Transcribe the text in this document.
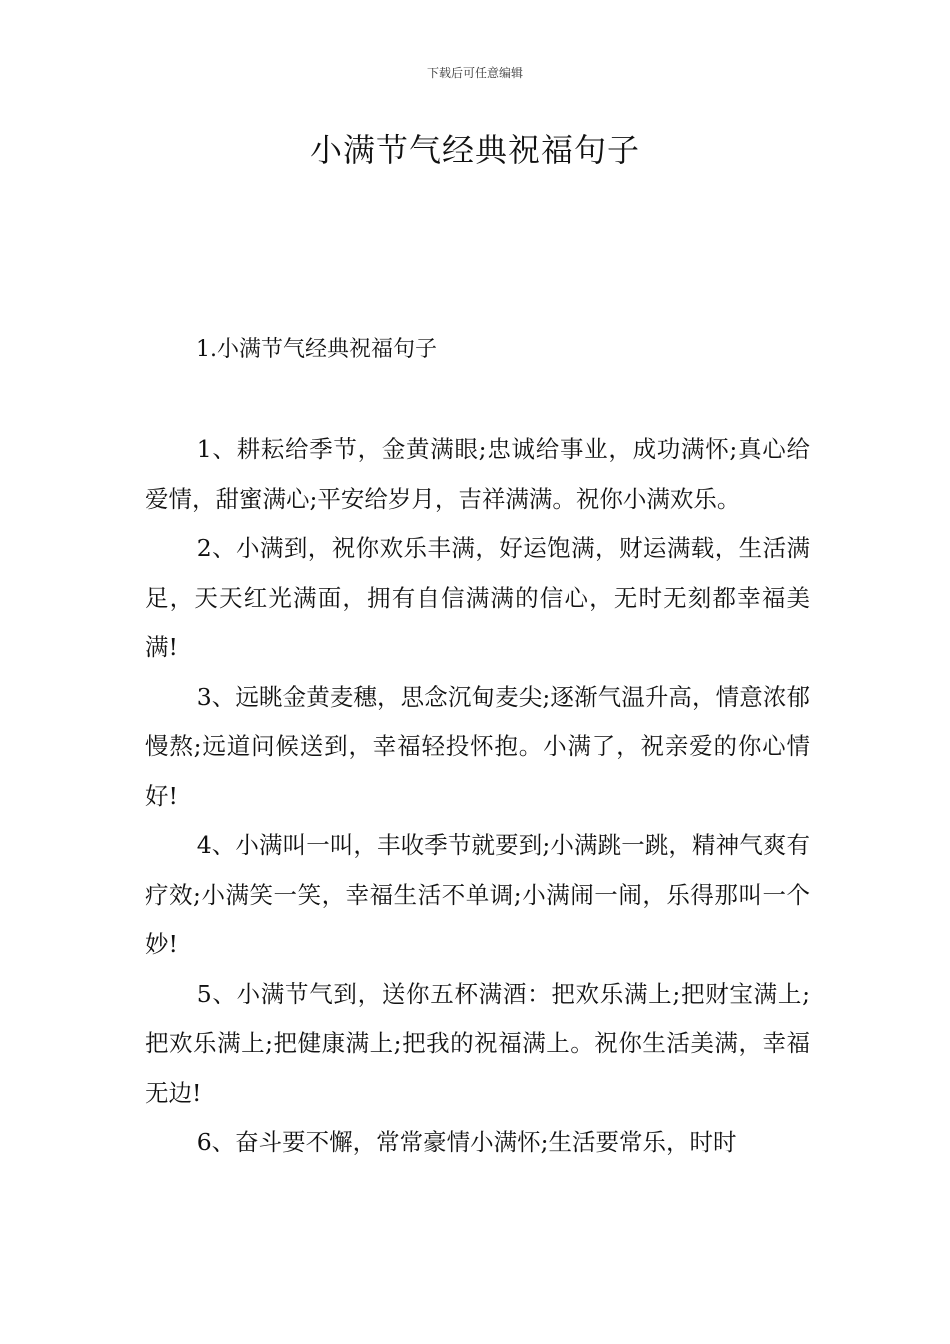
下载后可任意编辑
小满节气经典祝福句子
1.小满节气经典祝福句子

1、耕耘给季节，金黄满眼;忠诚给事业，成功满怀;真心给爱情，甜蜜满心;平安给岁月，吉祥满满。祝你小满欢乐。

2、小满到，祝你欢乐丰满，好运饱满，财运满载，生活满足，天天红光满面，拥有自信满满的信心，无时无刻都幸福美满!

3、远眺金黄麦穗，思念沉甸麦尖;逐渐气温升高，情意浓郁慢熬;远道问候送到，幸福轻投怀抱。小满了，祝亲爱的你心情好!

4、小满叫一叫，丰收季节就要到;小满跳一跳，精神气爽有疗效;小满笑一笑，幸福生活不单调;小满闹一闹，乐得那叫一个妙!

5、小满节气到，送你五杯满酒：把欢乐满上;把财宝满上;把欢乐满上;把健康满上;把我的祝福满上。祝你生活美满，幸福无边!

6、奋斗要不懈，常常豪情小满怀;生活要常乐，时时
